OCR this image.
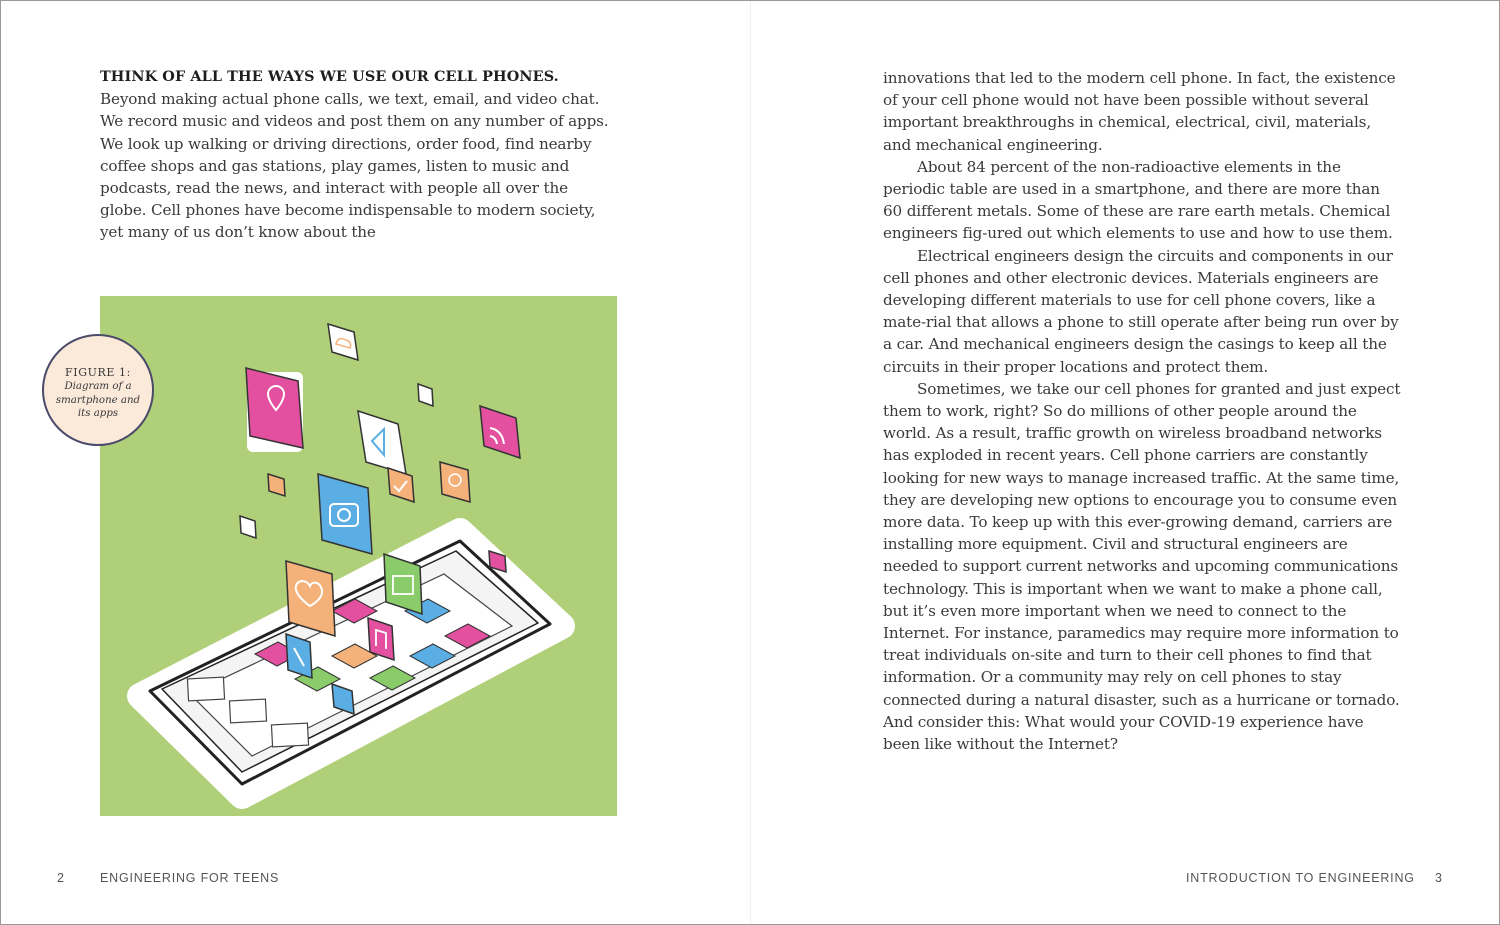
THINK OF ALL THE WAYS WE USE OUR CELL PHONES. Beyond making actual phone calls, we text, email, and video chat. We record music and videos and post them on any number of apps. We look up walking or driving directions, order food, find nearby coffee shops and gas stations, play games, listen to music and podcasts, read the news, and interact with people all over the globe. Cell phones have become indispensable to modern society, yet many of us don’t know about the

FIGURE 1:
Diagram of a smartphone and its apps

innovations that led to the modern cell phone. In fact, the existence of your cell phone would not have been possible without several important breakthroughs in chemical, electrical, civil, materials, and mechanical engineering.

About 84 percent of the non-radioactive elements in the periodic table are used in a smartphone, and there are more than 60 different metals. Some of these are rare earth metals. Chemical engineers fig-ured out which elements to use and how to use them.

Electrical engineers design the circuits and components in our cell phones and other electronic devices. Materials engineers are developing different materials to use for cell phone covers, like a mate-rial that allows a phone to still operate after being run over by a car. And mechanical engineers design the casings to keep all the circuits in their proper locations and protect them.

Sometimes, we take our cell phones for granted and just expect them to work, right? So do millions of other people around the world. As a result, traffic growth on wireless broadband networks has exploded in recent years. Cell phone carriers are constantly looking for new ways to manage increased traffic. At the same time, they are developing new options to encourage you to consume even more data. To keep up with this ever-growing demand, carriers are installing more equipment. Civil and structural engineers are needed to support current networks and upcoming communications technology. This is important when we want to make a phone call, but it’s even more important when we need to connect to the Internet. For instance, paramedics may require more information to treat individuals on-site and turn to their cell phones to find that information. Or a community may rely on cell phones to stay connected during a natural disaster, such as a hurricane or tornado. And consider this: What would your COVID-19 experience have been like without the Internet?

2	ENGINEERING FOR TEENS	INTRODUCTION TO ENGINEERING 3
